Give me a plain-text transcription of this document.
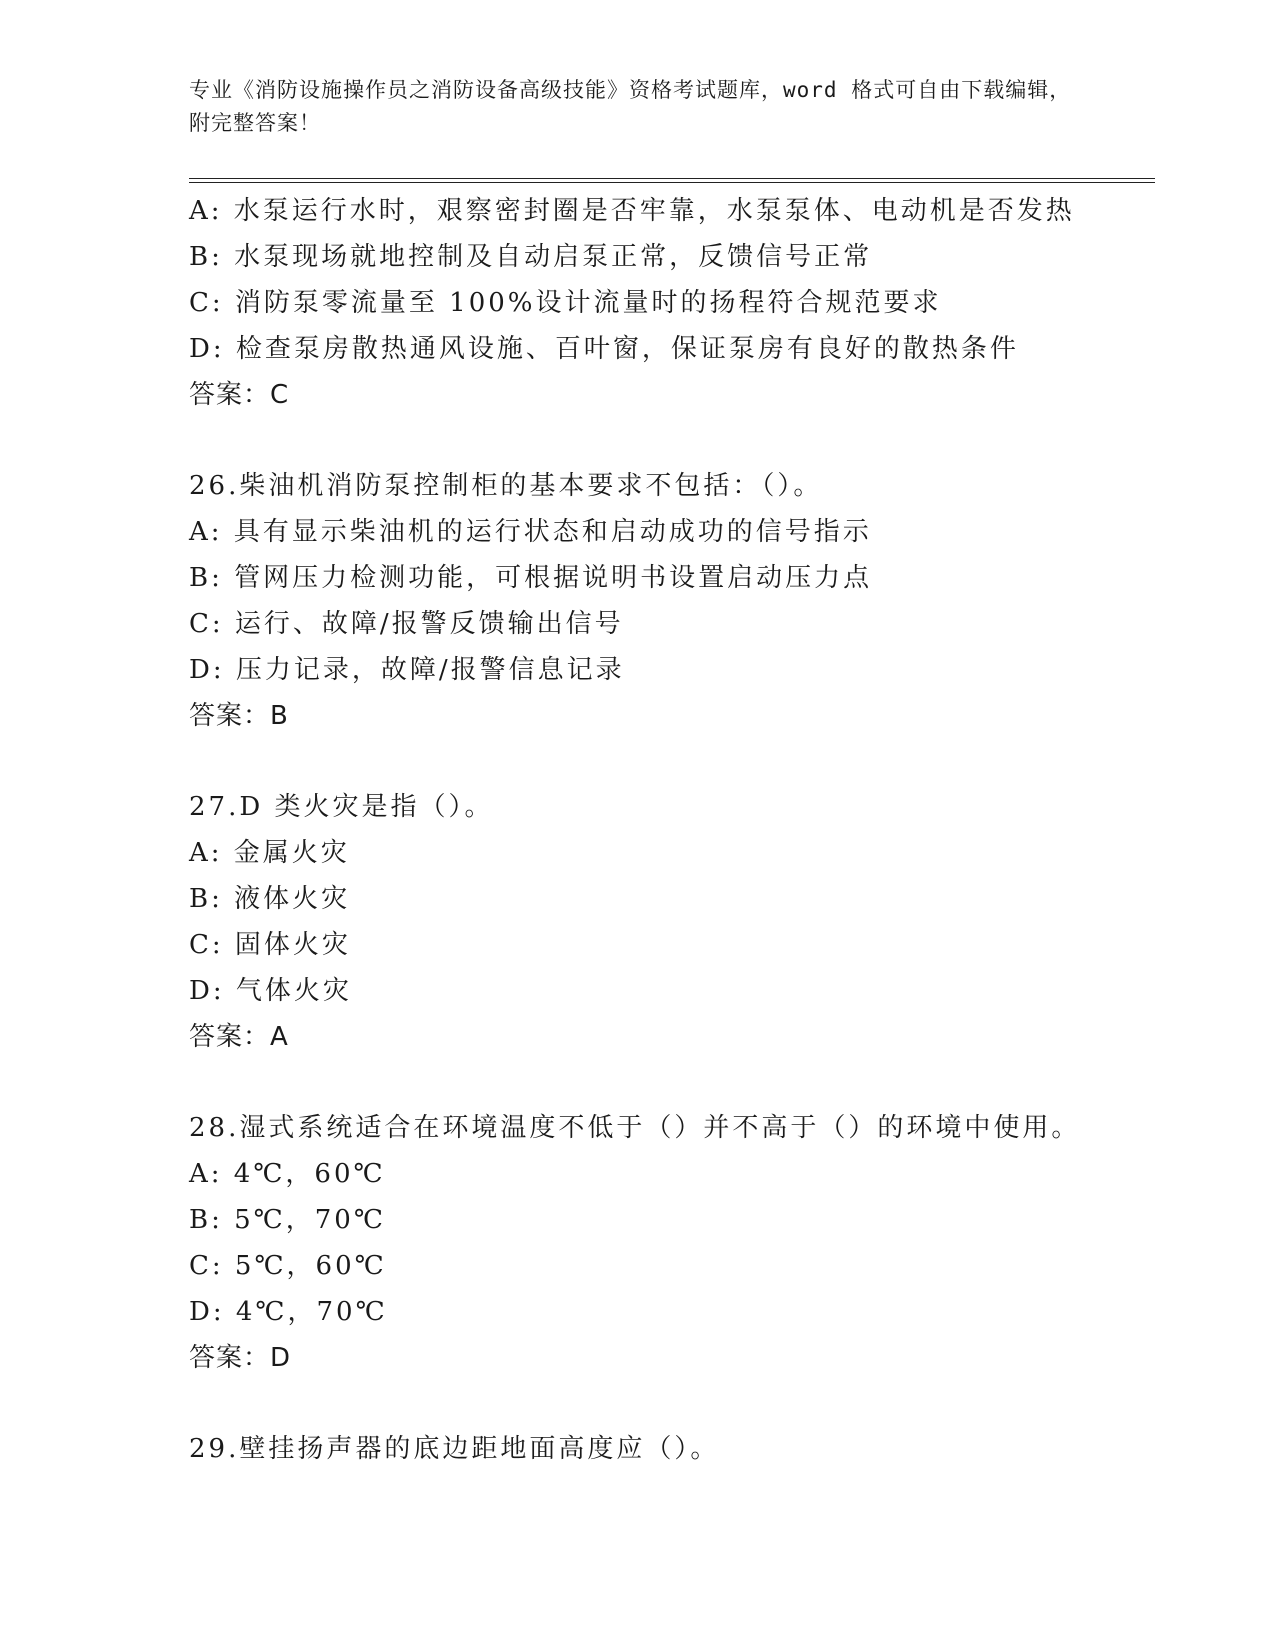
专业《消防设施操作员之消防设备高级技能》资格考试题库，word 格式可自由下载编辑，附完整答案！
A: 水泵运行水时，艰察密封圈是否牢靠，水泵泵体、电动机是否发热
B: 水泵现场就地控制及自动启泵正常，反馈信号正常
C: 消防泵零流量至 100%设计流量时的扬程符合规范要求
D: 检查泵房散热通风设施、百叶窗，保证泵房有良好的散热条件
答案：C
26.柴油机消防泵控制柜的基本要求不包括：（）。
A: 具有显示柴油机的运行状态和启动成功的信号指示
B: 管网压力检测功能，可根据说明书设置启动压力点
C: 运行、故障/报警反馈输出信号
D: 压力记录，故障/报警信息记录
答案：B
27.D 类火灾是指（）。
A: 金属火灾
B: 液体火灾
C: 固体火灾
D: 气体火灾
答案：A
28.湿式系统适合在环境温度不低于（）并不高于（）的环境中使用。
A: 4℃，60℃
B: 5℃，70℃
C: 5℃，60℃
D: 4℃，70℃
答案：D
29.壁挂扬声器的底边距地面高度应（）。
